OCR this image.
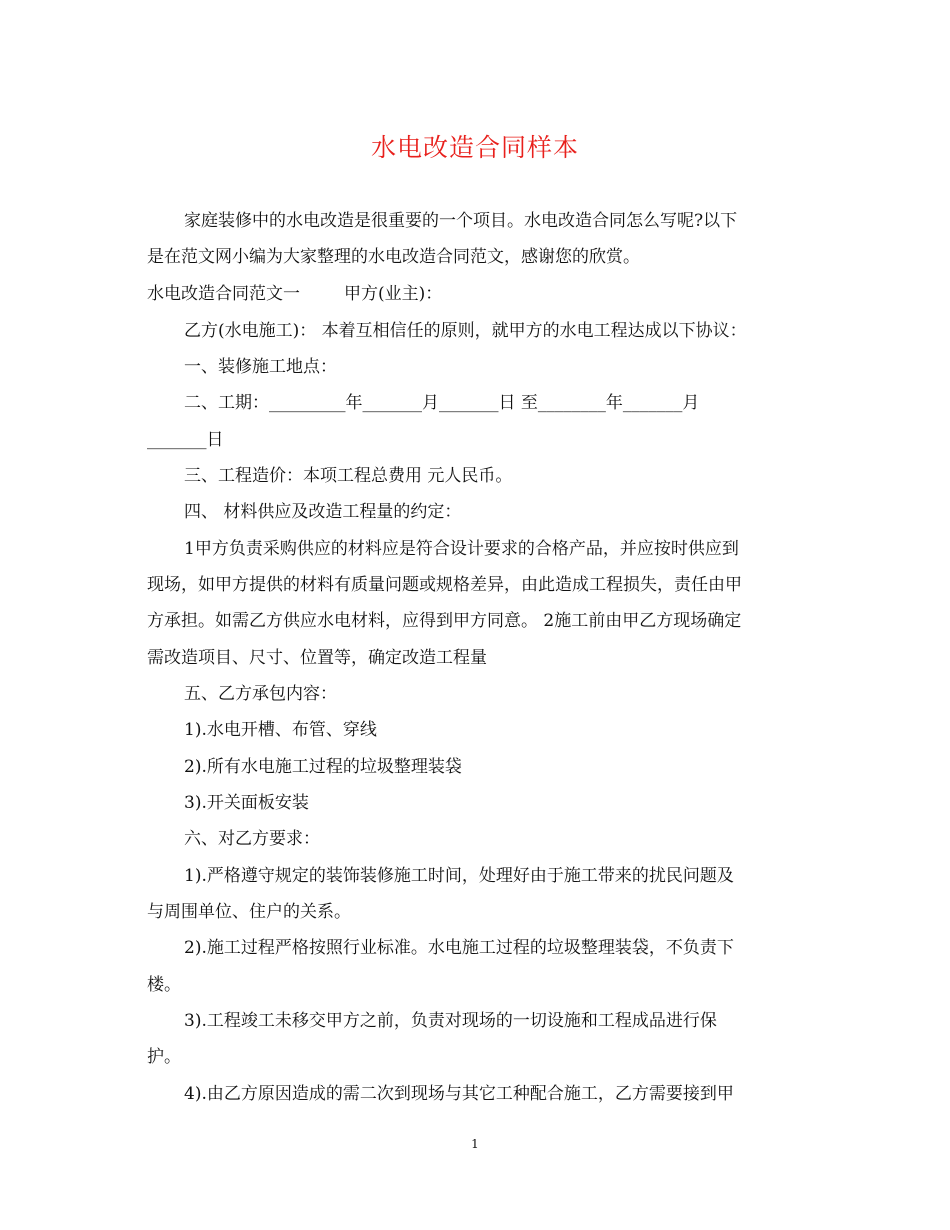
水电改造合同样本
家庭装修中的水电改造是很重要的一个项目。水电改造合同怎么写呢?以下
是在范文网小编为大家整理的水电改造合同范文，感谢您的欣赏。
水电改造合同范文一	甲方(业主)：
乙方(水电施工)： 本着互相信任的原则，就甲方的水电工程达成以下协议：
一、装修施工地点：
二、工期：_________年_______月_______日 至________年_______月
_______日
三、工程造价：本项工程总费用 元人民币。
四、 材料供应及改造工程量的约定：
1甲方负责采购供应的材料应是符合设计要求的合格产品，并应按时供应到
现场，如甲方提供的材料有质量问题或规格差异，由此造成工程损失，责任由甲
方承担。如需乙方供应水电材料，应得到甲方同意。 2施工前由甲乙方现场确定
需改造项目、尺寸、位置等，确定改造工程量
五、乙方承包内容：
1).水电开槽、布管、穿线
2).所有水电施工过程的垃圾整理装袋
3).开关面板安装
六、对乙方要求：
1).严格遵守规定的装饰装修施工时间，处理好由于施工带来的扰民问题及
与周围单位、住户的关系。
2).施工过程严格按照行业标准。水电施工过程的垃圾整理装袋，不负责下
楼。
3).工程竣工未移交甲方之前，负责对现场的一切设施和工程成品进行保
护。
4).由乙方原因造成的需二次到现场与其它工种配合施工，乙方需要接到甲
1
